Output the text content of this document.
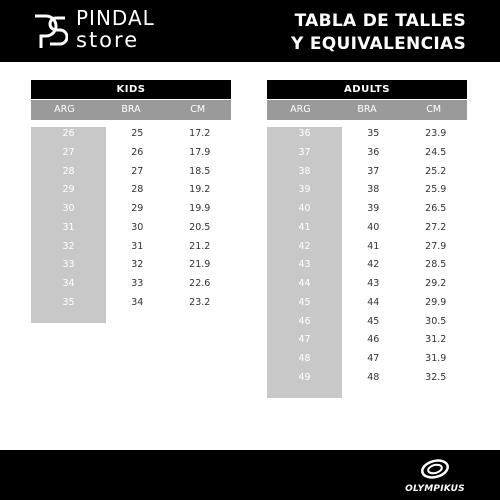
PINDAL
store
TABLA DE TALLES
Y EQUIVALENCIAS
KIDS
ARG	BRA	CM
26	25	17.2
27	26	17.9
28	27	18.5
29	28	19.2
30	29	19.9
31	30	20.5
32	31	21.2
33	32	21.9
34	33	22.6
35	34	23.2
ADULTS
ARG	BRA	CM
36	35	23.9
37	36	24.5
38	37	25.2
39	38	25.9
40	39	26.5
41	40	27.2
42	41	27.9
43	42	28.5
44	43	29.2
45	44	29.9
46	45	30.5
47	46	31.2
48	47	31.9
49	48	32.5
OLYMPIKUS
